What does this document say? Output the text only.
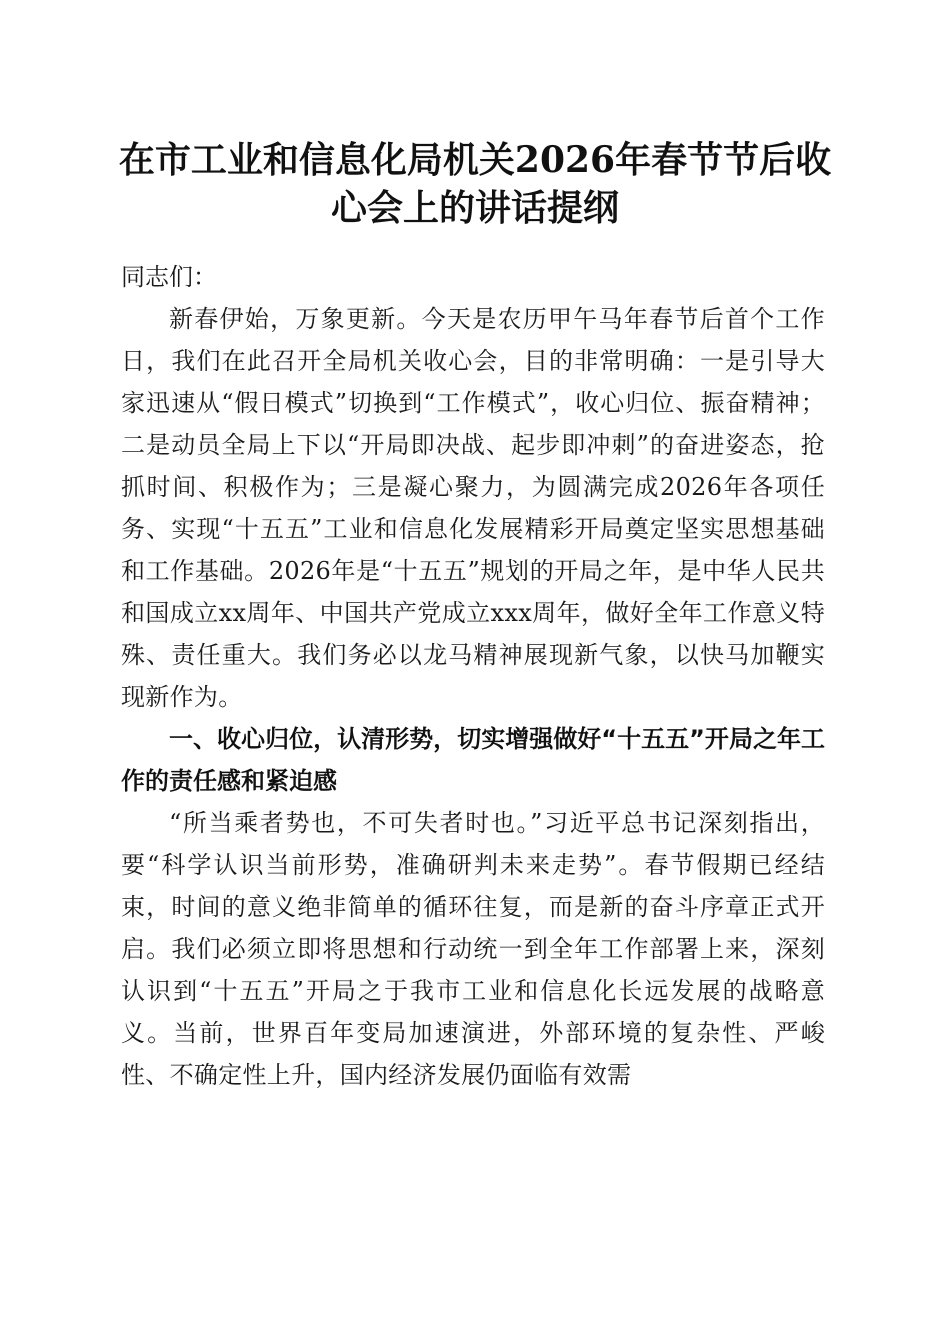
在市工业和信息化局机关2026年春节节后收
心会上的讲话提纲

同志们：

新春伊始，万象更新。今天是农历甲午马年春节后首个工作日，我们在此召开全局机关收心会，目的非常明确：一是引导大家迅速从“假日模式”切换到“工作模式”，收心归位、振奋精神；二是动员全局上下以“开局即决战、起步即冲刺”的奋进姿态，抢抓时间、积极作为；三是凝心聚力，为圆满完成2026年各项任务、实现“十五五”工业和信息化发展精彩开局奠定坚实思想基础和工作基础。2026年是“十五五”规划的开局之年，是中华人民共和国成立xx周年、中国共产党成立xxx周年，做好全年工作意义特殊、责任重大。我们务必以龙马精神展现新气象，以快马加鞭实现新作为。

一、收心归位，认清形势，切实增强做好“十五五”开局之年工作的责任感和紧迫感

“所当乘者势也，不可失者时也。”习近平总书记深刻指出，要“科学认识当前形势，准确研判未来走势”。春节假期已经结束，时间的意义绝非简单的循环往复，而是新的奋斗序章正式开启。我们必须立即将思想和行动统一到全年工作部署上来，深刻认识到“十五五”开局之于我市工业和信息化长远发展的战略意义。当前，世界百年变局加速演进，外部环境的复杂性、严峻性、不确定性上升，国内经济发展仍面临有效需
